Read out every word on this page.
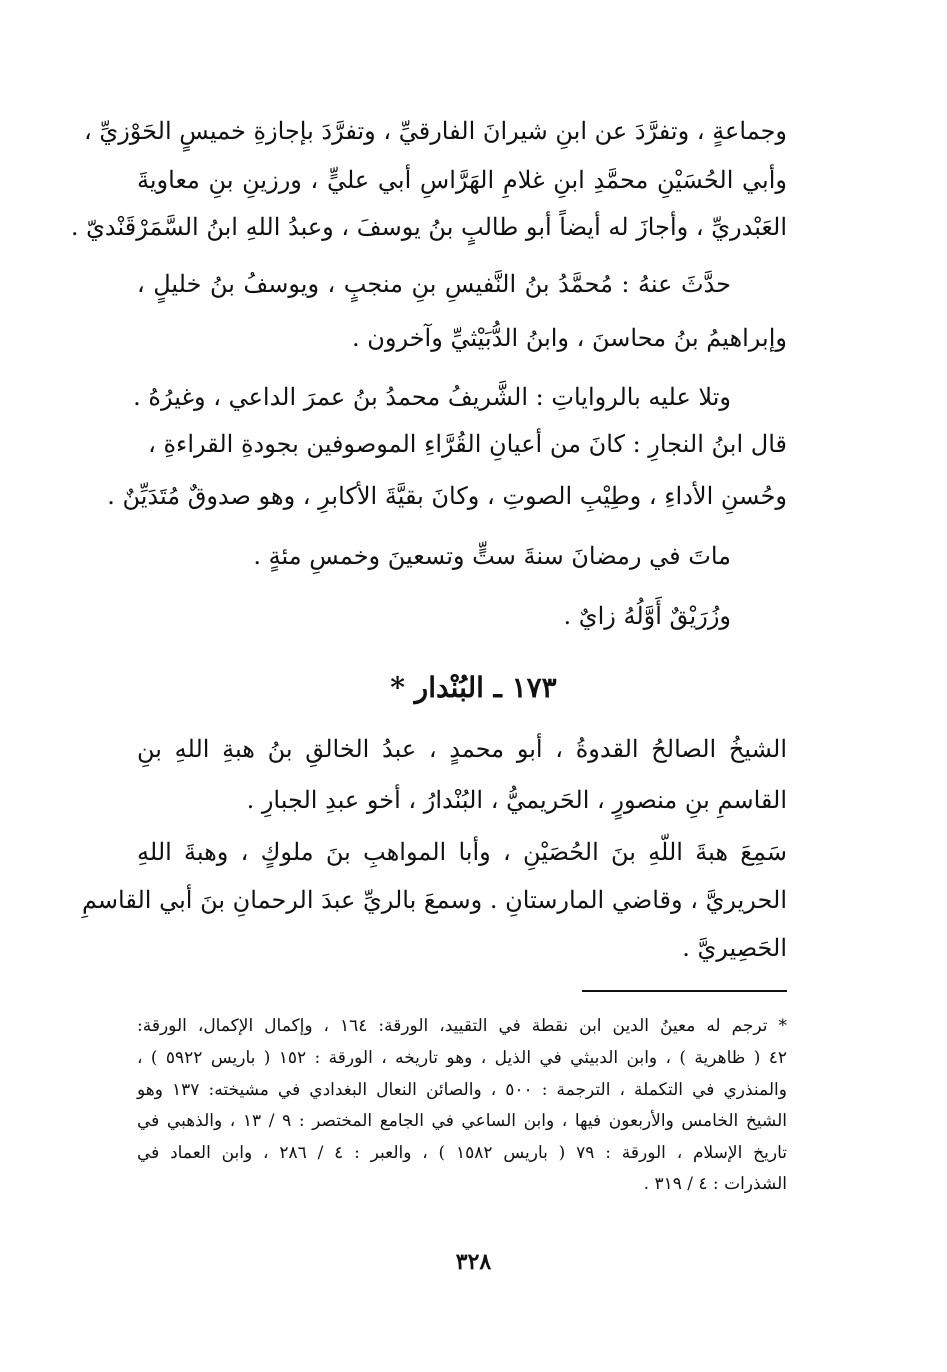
وجماعةٍ ، وتفرَّدَ عن ابنِ شيرانَ الفارقيِّ ، وتفرَّدَ بإجازةِ خميسٍ الحَوْزيِّ ،
وأبي الحُسَيْنِ محمَّدِ ابنِ غلامِ الهَرَّاسِ أبي عليٍّ ، ورزينِ بنِ معاويةَ
العَبْدريِّ ، وأجازَ له أيضاً أبو طالبٍ بنُ يوسفَ ، وعبدُ اللهِ ابنُ السَّمَرْقَنْديّ .
حدَّثَ عنهُ : مُحمَّدُ بنُ النَّفيسِ بنِ منجبٍ ، ويوسفُ بنُ خليلٍ ،
وإبراهيمُ بنُ محاسنَ ، وابنُ الدُّبَيْثيِّ وآخرون .
وتلا عليه بالرواياتِ : الشَّريفُ محمدُ بنُ عمرَ الداعي ، وغيرُهُ .
قال ابنُ النجارِ : كانَ من أعيانِ القُرَّاءِ الموصوفين بجودةِ القراءةِ ،
وحُسنِ الأداءِ ، وطِيْبِ الصوتِ ، وكانَ بقيَّةَ الأكابرِ ، وهو صدوقٌ مُتَدَيِّنٌ .
ماتَ في رمضانَ سنةَ ستٍّ وتسعينَ وخمسِ مئةٍ .
وزُرَيْقٌ أَوَّلُهُ زايٌ .
١٧٣ ـ البُنْدار *
الشيخُ الصالحُ القدوةُ ، أبو محمدٍ ، عبدُ الخالقِ بنُ هبةِ اللهِ بنِ
القاسمِ بنِ منصورٍ ، الحَريميُّ ، البُنْدارُ ، أخو عبدِ الجبارِ .
سَمِعَ هبةَ اللّهِ بنَ الحُصَيْنِ ، وأبا المواهبِ بنَ ملوكٍ ، وهبةَ اللهِ
الحريريَّ ، وقاضي المارستانِ . وسمعَ بالريِّ عبدَ الرحمانِ بنَ أبي القاسمِ
الحَصِيريَّ .
* ترجم له معينُ الدين ابن نقطة في التقييد، الورقة: ١٦٤ ، وإكمال الإكمال، الورقة:
٤٢ ( ظاهرية ) ، وابن الدبيثي في الذيل ، وهو تاريخه ، الورقة : ١٥٢ ( باريس ٥٩٢٢ ) ،
والمنذري في التكملة ، الترجمة : ٥٠٠ ، والصائن النعال البغدادي في مشيخته: ١٣٧ وهو
الشيخ الخامس والأربعون فيها ، وابن الساعي في الجامع المختصر : ٩ / ١٣ ، والذهبي في
تاريخ الإسلام ، الورقة : ٧٩ ( باريس ١٥٨٢ ) ، والعبر : ٤ / ٢٨٦ ، وابن العماد في
الشذرات : ٤ / ٣١٩ .
٣٢٨
